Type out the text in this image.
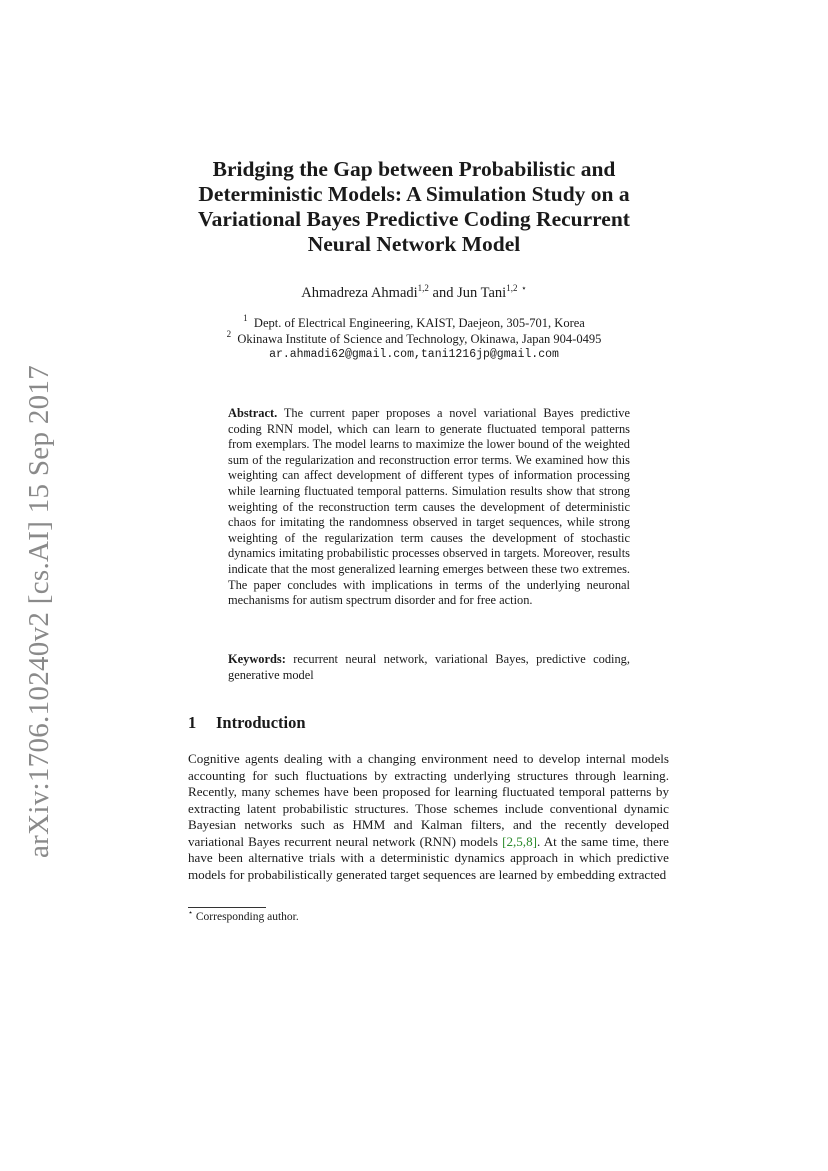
arXiv:1706.10240v2 [cs.AI] 15 Sep 2017
Bridging the Gap between Probabilistic and
Deterministic Models: A Simulation Study on a
Variational Bayes Predictive Coding Recurrent
Neural Network Model
Ahmadreza Ahmadi$^{1,2}$ and Jun Tani$^{1,2}$ ⋆
$^1$ Dept. of Electrical Engineering, KAIST, Daejeon, 305-701, Korea
$^2$ Okinawa Institute of Science and Technology, Okinawa, Japan 904-0495
ar.ahmadi62@gmail.com,tani1216jp@gmail.com

Abstract. The current paper proposes a novel variational Bayes predictive coding RNN model, which can learn to generate fluctuated temporal patterns from exemplars. The model learns to maximize the lower bound of the weighted sum of the regularization and reconstruction error terms. We examined how this weighting can affect development of different types of information processing while learning fluctuated temporal patterns. Simulation results show that strong weighting of the reconstruction term causes the development of deterministic chaos for imitating the randomness observed in target sequences, while strong weighting of the regularization term causes the development of stochastic dynamics imitating probabilistic processes observed in targets. Moreover, results indicate that the most generalized learning emerges between these two extremes. The paper concludes with implications in terms of the underlying neuronal mechanisms for autism spectrum disorder and for free action.

Keywords: recurrent neural network, variational Bayes, predictive coding, generative model
1 Introduction

Cognitive agents dealing with a changing environment need to develop internal models accounting for such fluctuations by extracting underlying structures through learning. Recently, many schemes have been proposed for learning fluctuated temporal patterns by extracting latent probabilistic structures. Those schemes include conventional dynamic Bayesian networks such as HMM and Kalman filters, and the recently developed variational Bayes recurrent neural network (RNN) models [2,5,8]. At the same time, there have been alternative trials with a deterministic dynamics approach in which predictive models for probabilistically generated target sequences are learned by embedding extracted

⋆ Corresponding author.
